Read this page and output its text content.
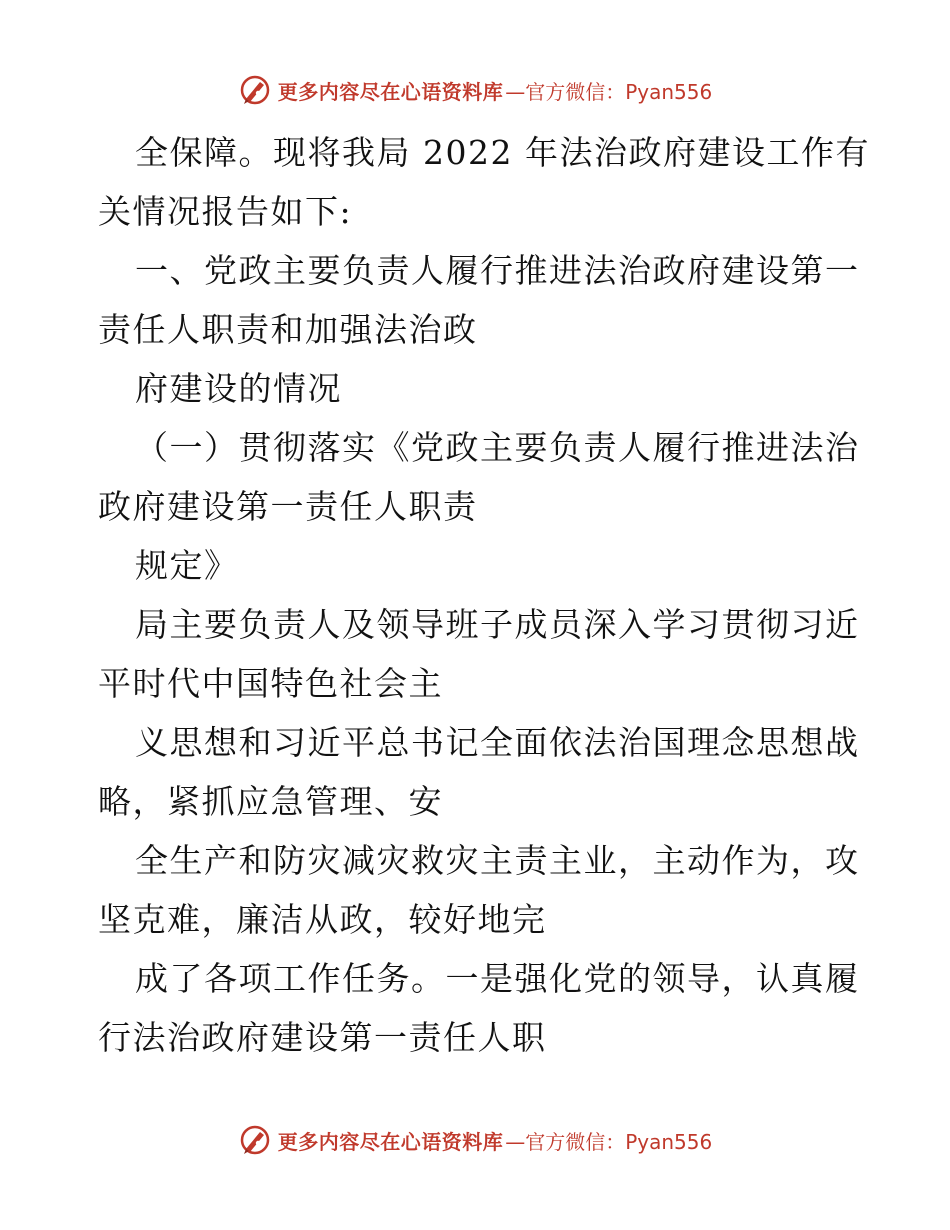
更多内容尽在心语资料库 —官方微信：Pyan556
全保障。现将我局 2022 年法治政府建设工作有
关情况报告如下:
一、党政主要负责人履行推进法治政府建设第一
责任人职责和加强法治政
府建设的情况
（一）贯彻落实《党政主要负责人履行推进法治
政府建设第一责任人职责
规定》
局主要负责人及领导班子成员深入学习贯彻习近
平时代中国特色社会主
义思想和习近平总书记全面依法治国理念思想战
略，紧抓应急管理、安
全生产和防灾减灾救灾主责主业，主动作为，攻
坚克难，廉洁从政，较好地完
成了各项工作任务。一是强化党的领导，认真履
行法治政府建设第一责任人职
更多内容尽在心语资料库 —官方微信：Pyan556
